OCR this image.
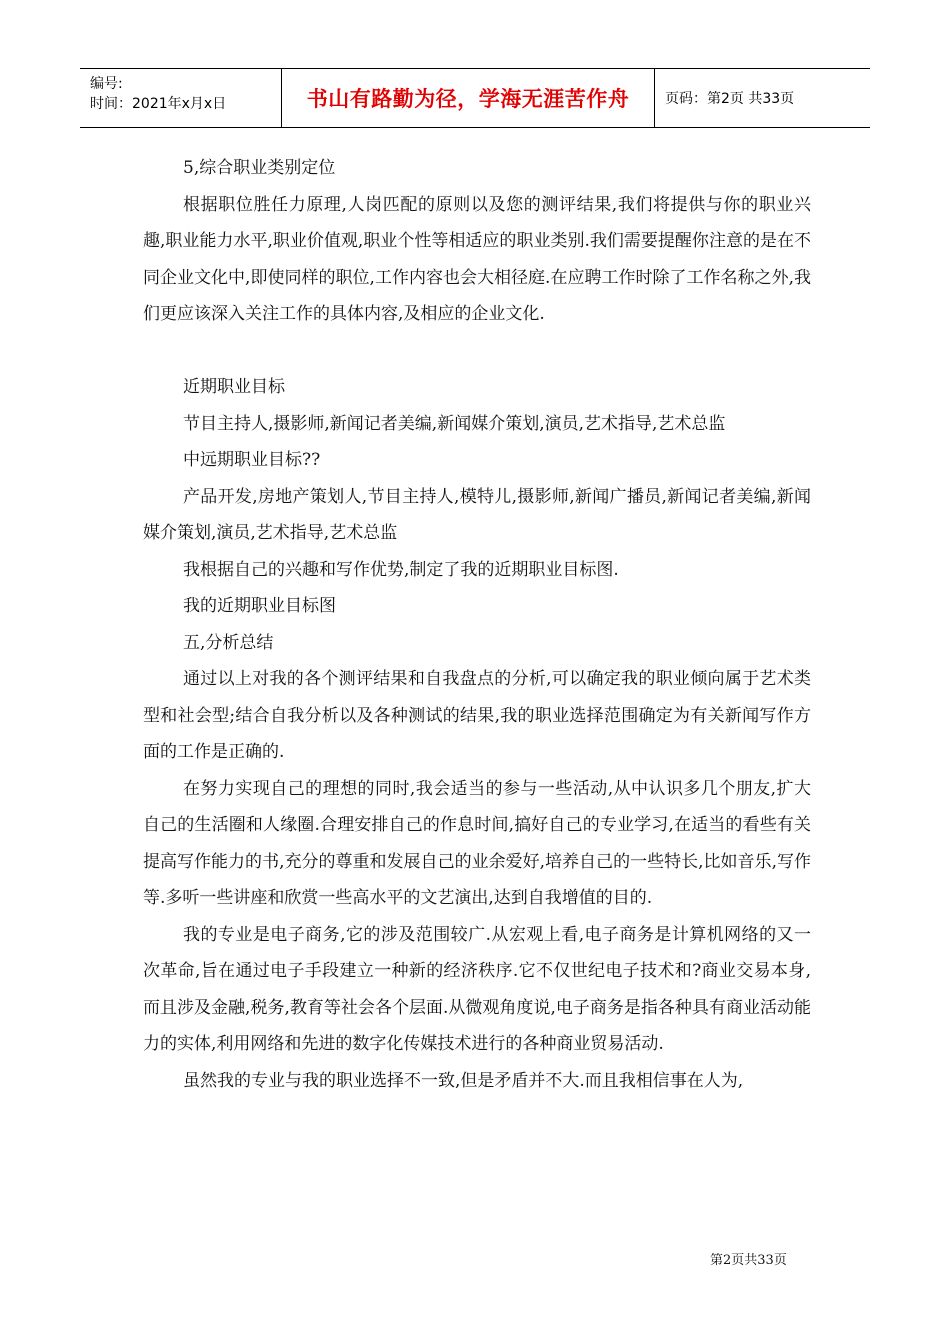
编号:
时间：2021年x月x日	书山有路勤为径，学海无涯苦作舟	页码：第2页 共33页

5,综合职业类别定位

根据职位胜任力原理,人岗匹配的原则以及您的测评结果,我们将提供与你的职业兴趣,职业能力水平,职业价值观,职业个性等相适应的职业类别.我们需要提醒你注意的是在不同企业文化中,即使同样的职位,工作内容也会大相径庭.在应聘工作时除了工作名称之外,我们更应该深入关注工作的具体内容,及相应的企业文化.

近期职业目标

节目主持人,摄影师,新闻记者美编,新闻媒介策划,演员,艺术指导,艺术总监

中远期职业目标??

产品开发,房地产策划人,节目主持人,模特儿,摄影师,新闻广播员,新闻记者美编,新闻媒介策划,演员,艺术指导,艺术总监

我根据自己的兴趣和写作优势,制定了我的近期职业目标图.

我的近期职业目标图

五,分析总结

通过以上对我的各个测评结果和自我盘点的分析,可以确定我的职业倾向属于艺术类型和社会型;结合自我分析以及各种测试的结果,我的职业选择范围确定为有关新闻写作方面的工作是正确的.

在努力实现自己的理想的同时,我会适当的参与一些活动,从中认识多几个朋友,扩大自己的生活圈和人缘圈.合理安排自己的作息时间,搞好自己的专业学习,在适当的看些有关提高写作能力的书,充分的尊重和发展自己的业余爱好,培养自己的一些特长,比如音乐,写作等.多听一些讲座和欣赏一些高水平的文艺演出,达到自我增值的目的.

我的专业是电子商务,它的涉及范围较广.从宏观上看,电子商务是计算机网络的又一次革命,旨在通过电子手段建立一种新的经济秩序.它不仅世纪电子技术和?商业交易本身,而且涉及金融,税务,教育等社会各个层面.从微观角度说,电子商务是指各种具有商业活动能力的实体,利用网络和先进的数字化传媒技术进行的各种商业贸易活动.

虽然我的专业与我的职业选择不一致,但是矛盾并不大.而且我相信事在人为,

第2页共33页
